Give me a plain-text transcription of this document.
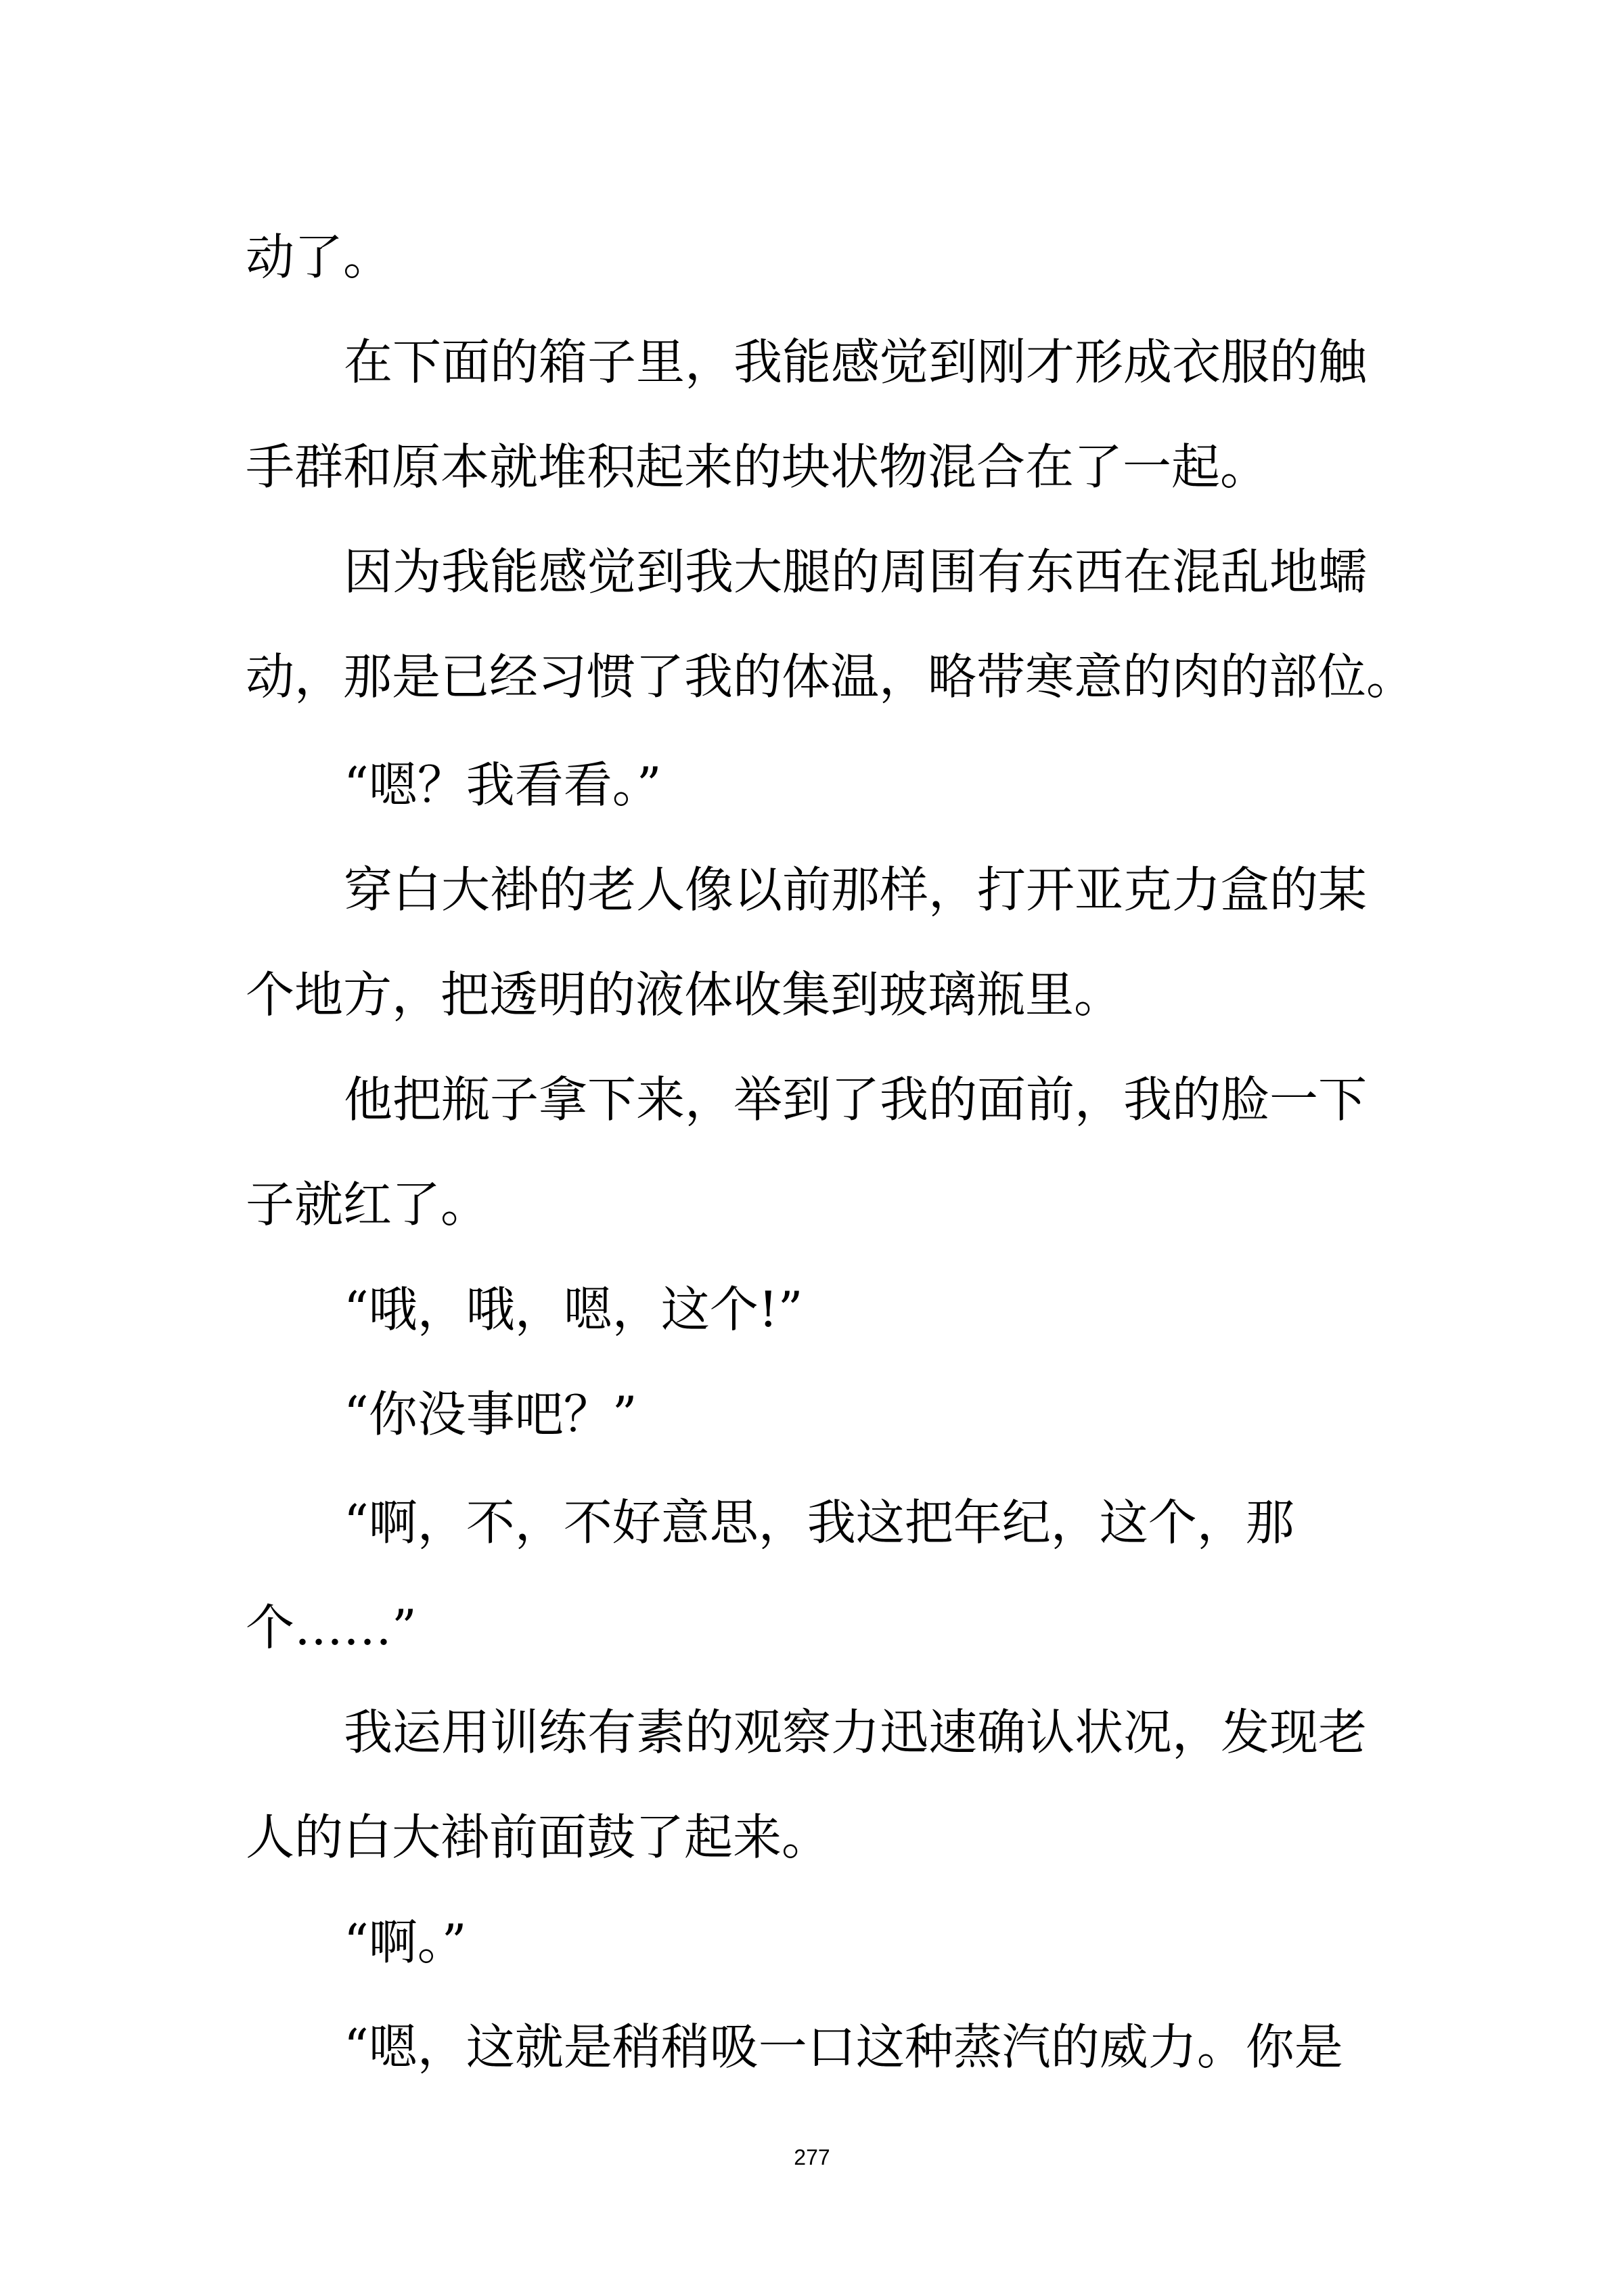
动了。
在下面的箱子里，我能感觉到刚才形成衣服的触
手群和原本就堆积起来的块状物混合在了一起。
因为我能感觉到我大腿的周围有东西在混乱地蠕
动，那是已经习惯了我的体温，略带寒意的肉的部位。
“嗯？我看看。”
穿白大褂的老人像以前那样，打开亚克力盒的某
个地方，把透明的液体收集到玻璃瓶里。
他把瓶子拿下来，举到了我的面前，我的脸一下
子就红了。
“哦，哦，嗯，这个!”
“你没事吧？”
“啊，不，不好意思，我这把年纪，这个，那
个……”
我运用训练有素的观察力迅速确认状况，发现老
人的白大褂前面鼓了起来。
“啊。”
“嗯，这就是稍稍吸一口这种蒸汽的威力。你是
277
